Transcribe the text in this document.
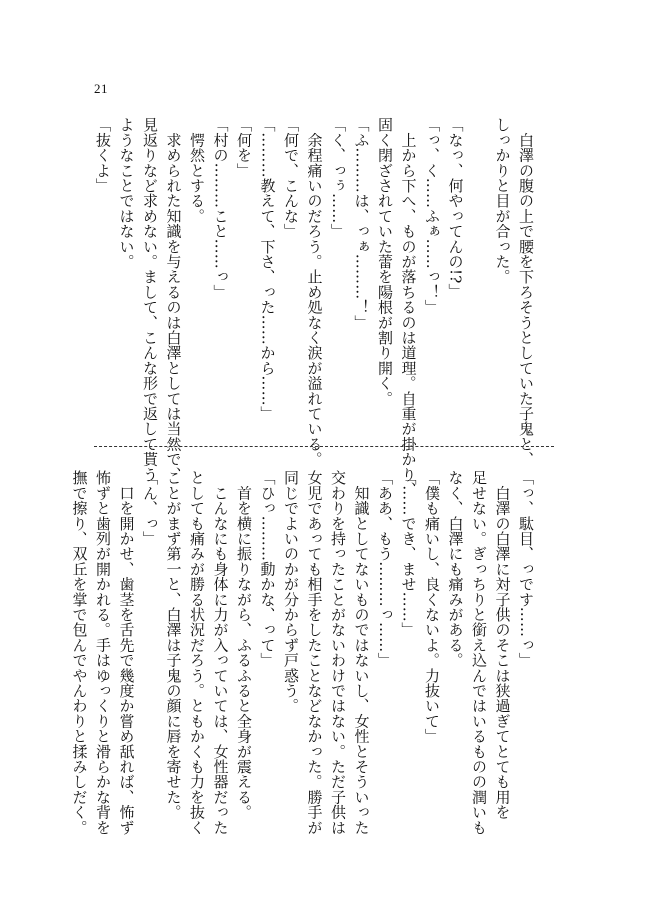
21
　白澤の腹の上で腰を下ろそうとしていた子鬼と、
しっかりと目が合った。

「なっ、何やってんの!?」
「っ、く……ふぁ……っ！」
　上から下へ、ものが落ちるのは道理。自重が掛かり、
固く閉ざされていた蕾を陽根が割り開く。
「ふ………は、っぁ………！」
「く、っぅ……」
　余程痛いのだろう。止め処なく涙が溢れている。
「何で、こんな」
「………教えて、下さ、った……から……」
「何を」
「村の………こと……っ」
　愕然とする。
　求められた知識を与えるのは白澤としては当然で、
見返りなど求めない。まして、こんな形で返して貰う
ようなことではない。
「抜くよ」
「っ、駄目、っです……っ」
　白澤の白澤に対子供のそこは狭過ぎてとても用を
足せない。ぎっちりと銜え込んではいるものの潤いも
なく、白澤にも痛みがある。
「僕も痛いし、良くないよ。力抜いて」
「……でき、ませ……」
「ああ、もう………っ……」
　知識としてないものではないし、女性とそういった
交わりを持ったことがないわけではない。ただ子供は
女児であっても相手をしたことなどなかった。勝手が
同じでよいのかが分からず戸惑う。
「ひっ………動かな、って」
　首を横に振りながら、ふるふると全身が震える。
　こんなにも身体に力が入っていては、女性器だった
としても痛みが勝る状況だろう。ともかくも力を抜く
ことがまず第一と、白澤は子鬼の顔に唇を寄せた。
「ん、っ」
　口を開かせ、歯茎を舌先で幾度か嘗め舐れば、怖ず
怖ずと歯列が開かれる。手はゆっくりと滑らかな背を
撫で擦り、双丘を掌で包んでやんわりと揉みしだく。
